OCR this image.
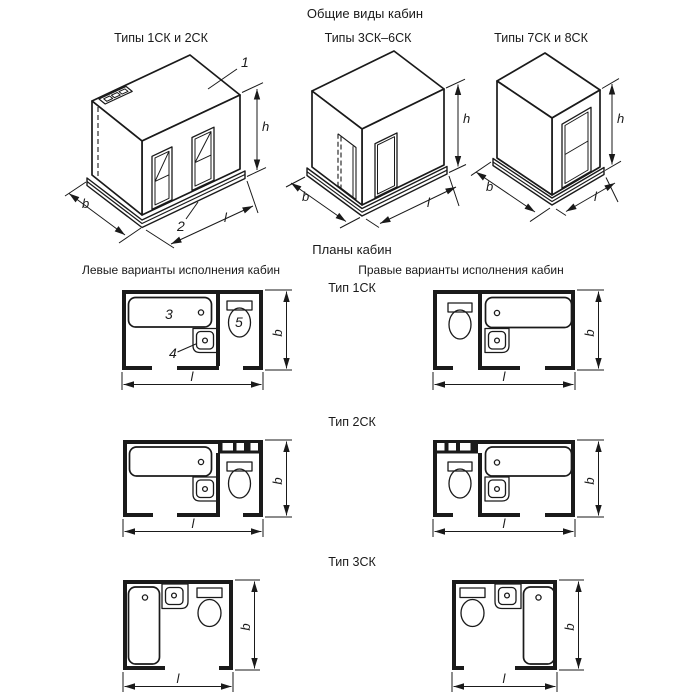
Общие виды кабин
Типы 1СК и 2СК	Типы 3СК–6СК	Типы 7СК и 8СК
1
2
h
l
b
h
l
b
h
l
b
Планы кабин
Левые варианты исполнения кабин	Правые варианты исполнения кабин
Тип 1СК
Тип 2СК
Тип 3СК
3
4
5
b
l
b
l
b
l
b
l
b
l
b
l
